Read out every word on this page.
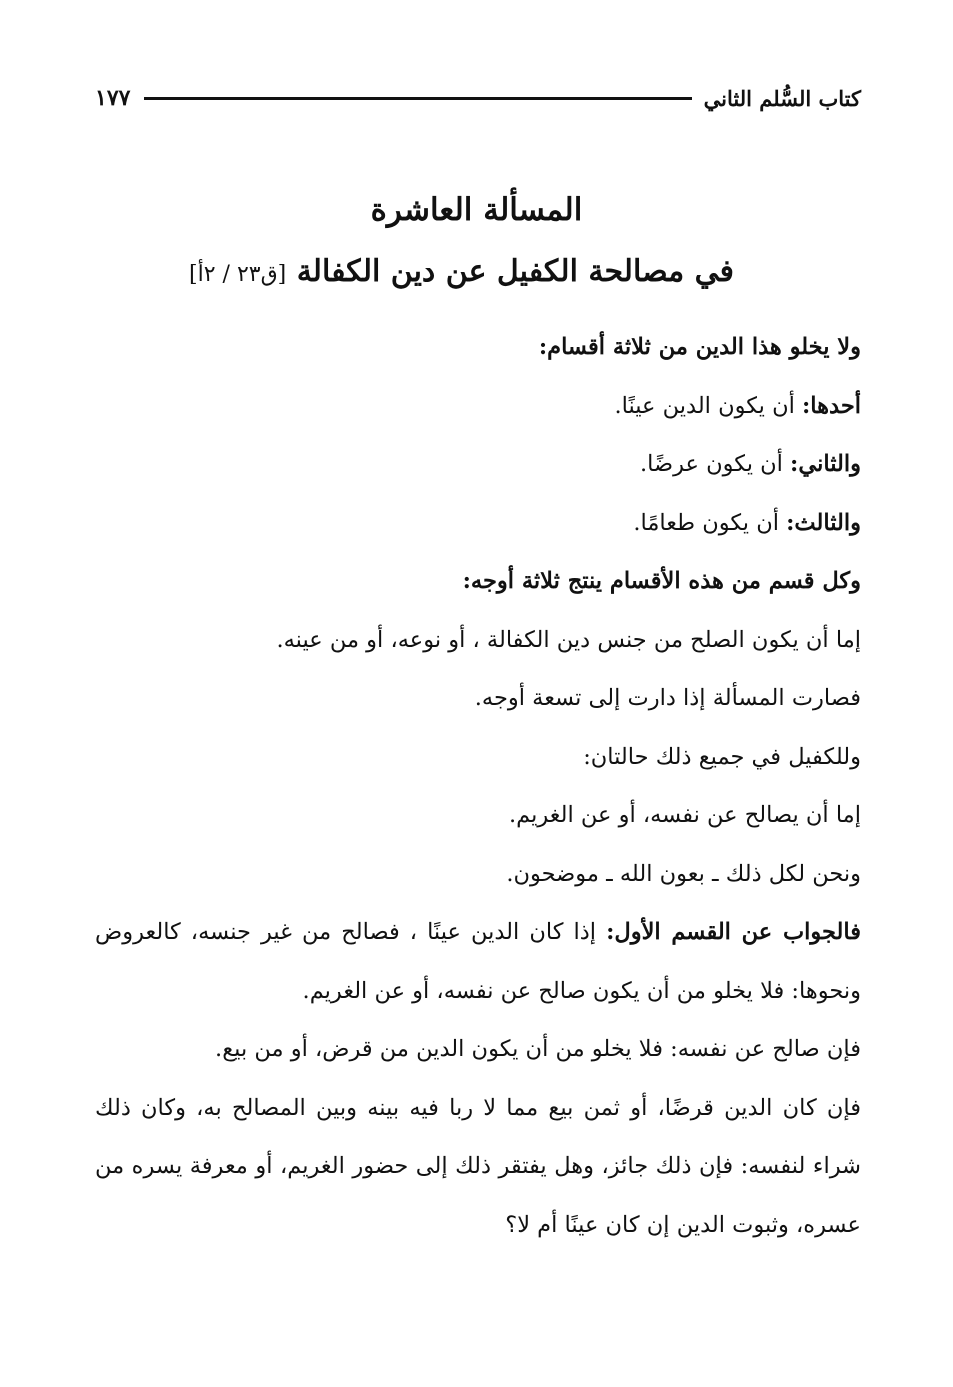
كتاب السُّلم الثاني
١٧٧
المسألة العاشرة
في مصالحة الكفيل عن دين الكفالة [ق٢٣ / ٢أ]

ولا يخلو هذا الدين من ثلاثة أقسام:

أحدها: أن يكون الدين عينًا.

والثاني: أن يكون عرضًا.

والثالث: أن يكون طعامًا.

وكل قسم من هذه الأقسام ينتج ثلاثة أوجه:

إما أن يكون الصلح من جنس دين الكفالة ، أو نوعه، أو من عينه.

فصارت المسألة إذا دارت إلى تسعة أوجه.

وللكفيل في جميع ذلك حالتان:

إما أن يصالح عن نفسه، أو عن الغريم.

ونحن لكل ذلك ـ بعون الله ـ موضحون.

فالجواب عن القسم الأول: إذا كان الدين عينًا ، فصالح من غير جنسه، كالعروض ونحوها: فلا يخلو من أن يكون صالح عن نفسه، أو عن الغريم.

فإن صالح عن نفسه: فلا يخلو من أن يكون الدين من قرض، أو من بيع.

فإن كان الدين قرضًا، أو ثمن بيع مما لا ربا فيه بينه وبين المصالح به، وكان ذلك شراء لنفسه: فإن ذلك جائز، وهل يفتقر ذلك إلى حضور الغريم، أو معرفة يسره من عسره، وثبوت الدين إن كان عينًا أم لا؟
